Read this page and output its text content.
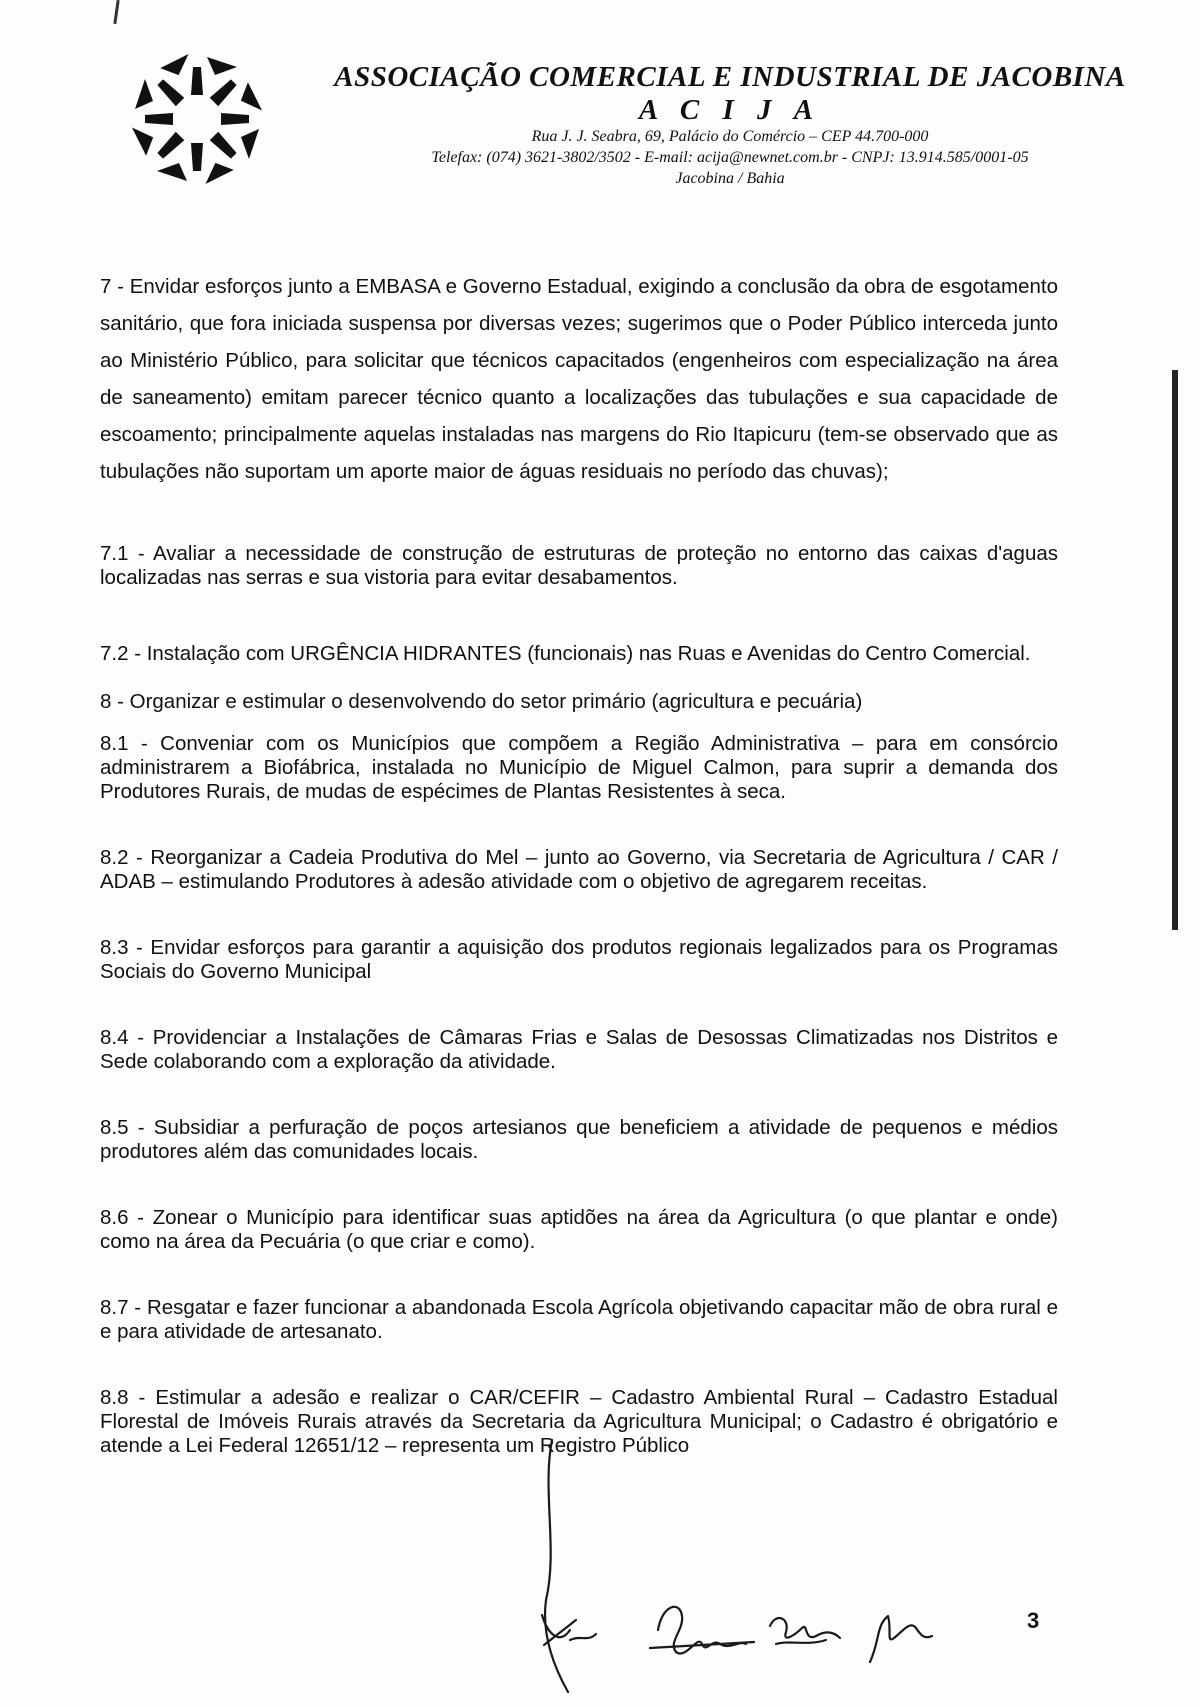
ASSOCIAÇÃO COMERCIAL E INDUSTRIAL DE JACOBINA
A C I J A
Rua J. J. Seabra, 69, Palácio do Comércio – CEP 44.700-000
Telefax: (074) 3621-3802/3502 - E-mail: acija@newnet.com.br - CNPJ: 13.914.585/0001-05
Jacobina / Bahia

7 - Envidar esforços junto a EMBASA e Governo Estadual, exigindo a conclusão da obra de esgotamento sanitário, que fora iniciada suspensa por diversas vezes; sugerimos que o Poder Público interceda junto ao Ministério Público, para solicitar que técnicos capacitados (engenheiros com especialização na área de saneamento) emitam parecer técnico quanto a localizações das tubulações e sua capacidade de escoamento; principalmente aquelas instaladas nas margens do Rio Itapicuru (tem-se observado que as tubulações não suportam um aporte maior de águas residuais no período das chuvas);

7.1 - Avaliar a necessidade de construção de estruturas de proteção no entorno das caixas d'aguas localizadas nas serras e sua vistoria para evitar desabamentos.

7.2 - Instalação com URGÊNCIA HIDRANTES (funcionais) nas Ruas e Avenidas do Centro Comercial.

8 - Organizar e estimular o desenvolvendo do setor primário (agricultura e pecuária)

8.1 - Conveniar com os Municípios que compõem a Região Administrativa – para em consórcio administrarem a Biofábrica, instalada no Município de Miguel Calmon, para suprir a demanda dos Produtores Rurais, de mudas de espécimes de Plantas Resistentes à seca.

8.2 - Reorganizar a Cadeia Produtiva do Mel – junto ao Governo, via Secretaria de Agricultura / CAR / ADAB – estimulando Produtores à adesão atividade com o objetivo de agregarem receitas.

8.3 - Envidar esforços para garantir a aquisição dos produtos regionais legalizados para os Programas Sociais do Governo Municipal

8.4 - Providenciar a Instalações de Câmaras Frias e Salas de Desossas Climatizadas nos Distritos e Sede colaborando com a exploração da atividade.

8.5 - Subsidiar a perfuração de poços artesianos que beneficiem a atividade de pequenos e médios produtores além das comunidades locais.

8.6 - Zonear o Município para identificar suas aptidões na área da Agricultura (o que plantar e onde) como na área da Pecuária (o que criar e como).

8.7 - Resgatar e fazer funcionar a abandonada Escola Agrícola objetivando capacitar mão de obra rural e e para atividade de artesanato.

8.8 - Estimular a adesão e realizar o CAR/CEFIR – Cadastro Ambiental Rural – Cadastro Estadual Florestal de Imóveis Rurais através da Secretaria da Agricultura Municipal; o Cadastro é obrigatório e atende a Lei Federal 12651/12 – representa um Registro Público

3
